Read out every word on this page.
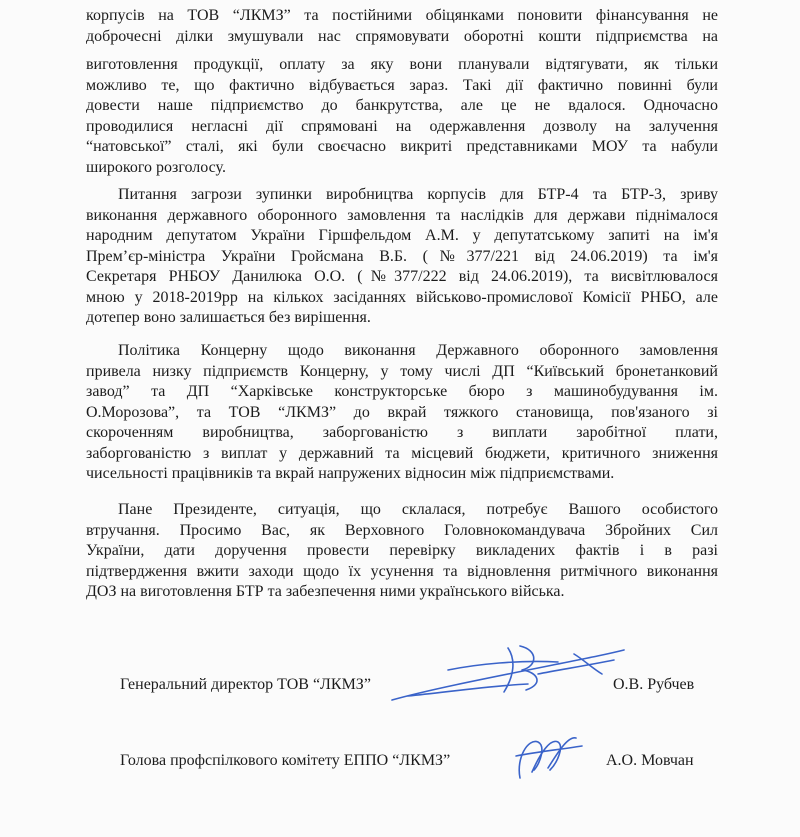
корпусів на ТОВ “ЛКМЗ” та постійними обіцянками поновити фінансування не
доброчесні ділки змушували нас спрямовувати оборотні кошти підприємства на
виготовлення продукції, оплату за яку вони планували відтягувати, як тільки
можливо те, що фактично відбувається зараз. Такі дії фактично повинні були
довести наше підприємство до банкрутства, але це не вдалося. Одночасно
проводилися негласні дії спрямовані на одержавлення дозволу на залучення
“натовської” сталі, які були своєчасно викриті представниками МОУ та набули
широкого розголосу.
Питання загрози зупинки виробництва корпусів для БТР-4 та БТР-3, зриву
виконання державного оборонного замовлення та наслідків для держави піднімалося
народним депутатом України Гіршфельдом А.М. у депутатському запиті на ім'я
Прем’єр-міністра України Гройсмана В.Б. (№377/221 від 24.06.2019) та ім'я
Секретаря РНБОУ Данилюка О.О. (№377/222 від 24.06.2019), та висвітлювалося
мною у 2018-2019рр на кількох засіданнях військово-промислової Комісії РНБО, але
дотепер воно залишається без вирішення.
Політика Концерну щодо виконання Державного оборонного замовлення
привела низку підприємств Концерну, у тому числі ДП “Київський бронетанковий
завод” та ДП “Харківське конструкторське бюро з машинобудування ім.
О.Морозова”, та ТОВ “ЛКМЗ” до вкрай тяжкого становища, пов'язаного зі
скороченням виробництва, заборгованістю з виплати заробітної плати,
заборгованістю з виплат у державний та місцевий бюджети, критичного зниження
чисельності працівників та вкрай напружених відносин між підприємствами.
Пане Президенте, ситуація, що склалася, потребує Вашого особистого
втручання. Просимо Вас, як Верховного Головнокомандувача Збройних Сил
України, дати доручення провести перевірку викладених фактів і в разі
підтвердження вжити заходи щодо їх усунення та відновлення ритмічного виконання
ДОЗ на виготовлення БТР та забезпечення ними українського війська.
Генеральний директор ТОВ “ЛКМЗ”	О.В. Рубчев
Голова профспілкового комітету ЕППО “ЛКМЗ”	А.О. Мовчан
